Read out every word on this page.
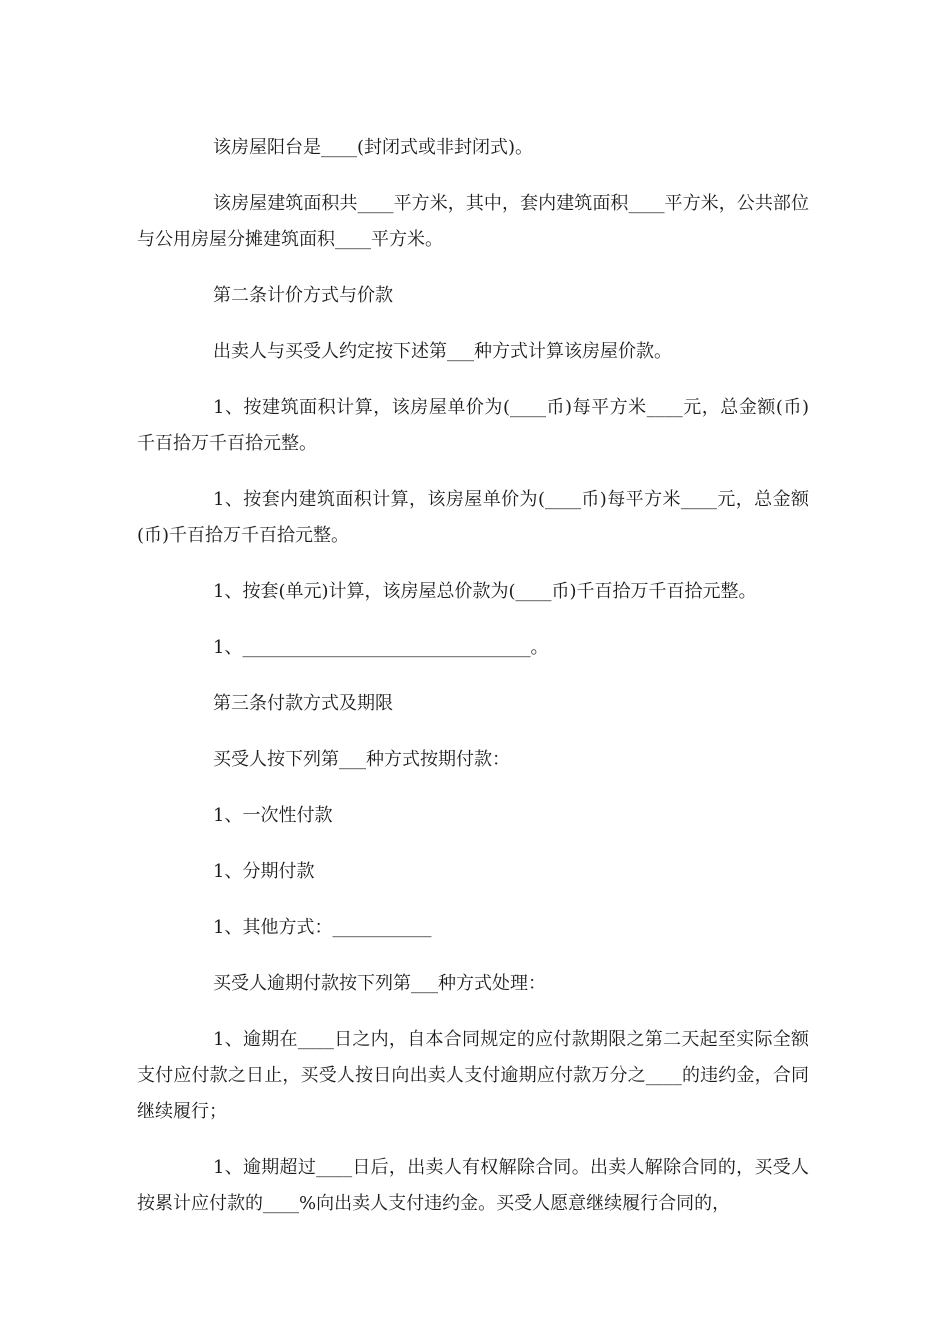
该房屋阳台是____(封闭式或非封闭式)。

该房屋建筑面积共____平方米，其中，套内建筑面积____平方米，公共部位与公用房屋分摊建筑面积____平方米。

第二条计价方式与价款

出卖人与买受人约定按下述第___种方式计算该房屋价款。

1、按建筑面积计算，该房屋单价为(____币)每平方米____元，总金额(币)千百拾万千百拾元整。

1、按套内建筑面积计算，该房屋单价为(____币)每平方米____元，总金额(币)千百拾万千百拾元整。

1、按套(单元)计算，该房屋总价款为(____币)千百拾万千百拾元整。

1、________________________________。

第三条付款方式及期限

买受人按下列第___种方式按期付款：

1、一次性付款

1、分期付款

1、其他方式：___________

买受人逾期付款按下列第___种方式处理：

1、逾期在____日之内，自本合同规定的应付款期限之第二天起至实际全额支付应付款之日止，买受人按日向出卖人支付逾期应付款万分之____的违约金，合同继续履行；

1、逾期超过____日后，出卖人有权解除合同。出卖人解除合同的，买受人按累计应付款的____%向出卖人支付违约金。买受人愿意继续履行合同的，
